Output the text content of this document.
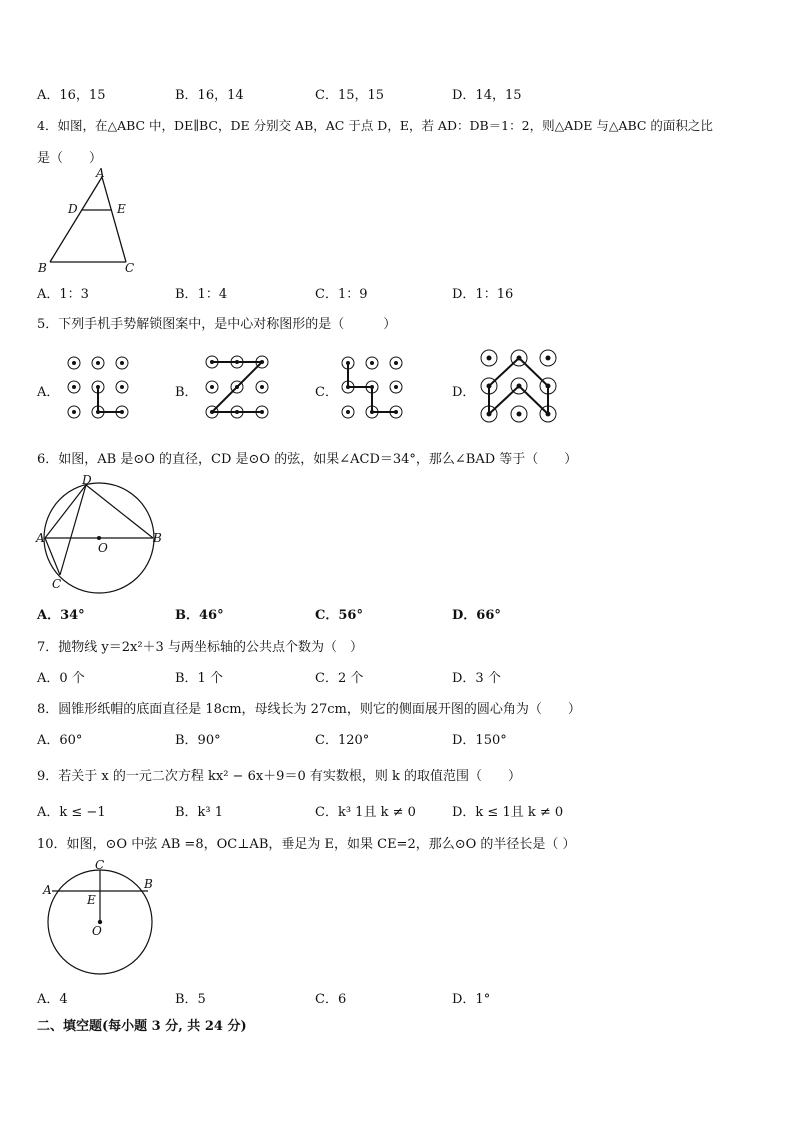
A．16，15	B．16，14	C．15，15	D．14，15
4．如图，在△ABC 中，DE∥BC，DE 分别交 AB，AC 于点 D，E，若 AD：DB＝1：2，则△ADE 与△ABC 的面积之比
是（　　）
A
D	E
B	C
A．1：3	B．1：4	C．1：9	D．1：16
5．下列手机手势解锁图案中，是中心对称图形的是（　　　）
A．	B．	C．	D．
6．如图，AB 是⊙O 的直径，CD 是⊙O 的弦，如果∠ACD＝34°，那么∠BAD 等于（　　）
D
A	B
O
C
A．34°	B．46°	C．56°	D．66°
7．抛物线 y＝2x²＋3 与两坐标轴的公共点个数为（　）
A．0 个	B．1 个	C．2 个	D．3 个
8．圆锥形纸帽的底面直径是 18cm，母线长为 27cm，则它的侧面展开图的圆心角为（　　）
A．60°	B．90°	C．120°	D．150°
9．若关于 x 的一元二次方程 kx² − 6x＋9＝0 有实数根，则 k 的取值范围（　　）
A．k ≤ −1	B．k³ 1	C．k³ 1且 k ≠ 0	D．k ≤ 1且 k ≠ 0
10．如图，⊙O 中弦 AB =8，OC⊥AB，垂足为 E，如果 CE=2，那么⊙O 的半径长是（ ）
C
A	B
E
O
A．4	B．5	C．6	D．1°
二、填空题(每小题 3 分, 共 24 分)
